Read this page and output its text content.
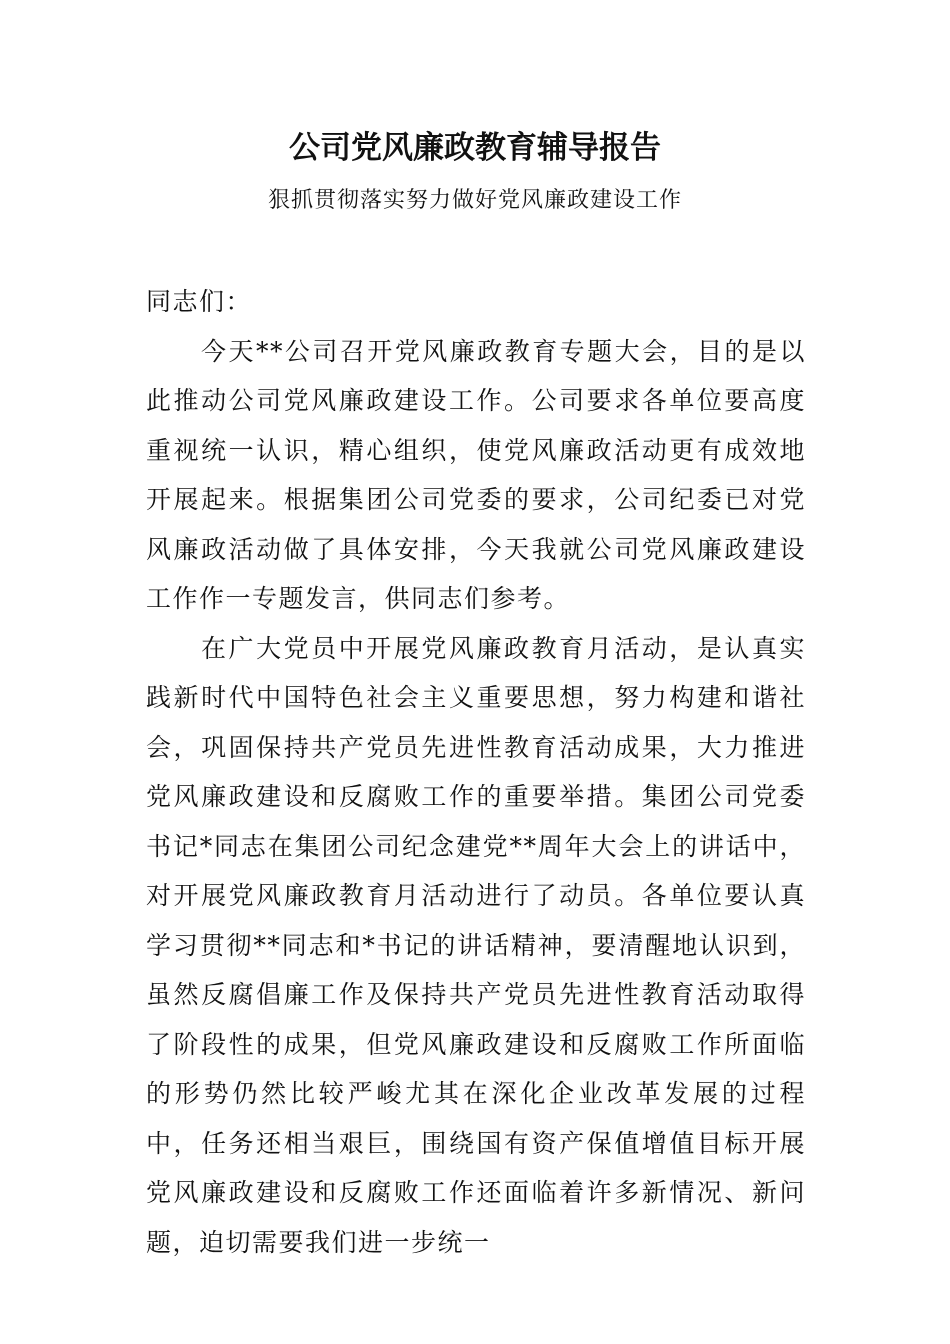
公司党风廉政教育辅导报告
狠抓贯彻落实努力做好党风廉政建设工作

同志们：

今天**公司召开党风廉政教育专题大会，目的是以此推动公司党风廉政建设工作。公司要求各单位要高度重视统一认识，精心组织，使党风廉政活动更有成效地开展起来。根据集团公司党委的要求，公司纪委已对党风廉政活动做了具体安排，今天我就公司党风廉政建设工作作一专题发言，供同志们参考。

在广大党员中开展党风廉政教育月活动，是认真实践新时代中国特色社会主义重要思想，努力构建和谐社会，巩固保持共产党员先进性教育活动成果，大力推进党风廉政建设和反腐败工作的重要举措。集团公司党委书记*同志在集团公司纪念建党**周年大会上的讲话中，对开展党风廉政教育月活动进行了动员。各单位要认真学习贯彻**同志和*书记的讲话精神，要清醒地认识到，虽然反腐倡廉工作及保持共产党员先进性教育活动取得了阶段性的成果，但党风廉政建设和反腐败工作所面临的形势仍然比较严峻尤其在深化企业改革发展的过程中，任务还相当艰巨，围绕国有资产保值增值目标开展党风廉政建设和反腐败工作还面临着许多新情况、新问题，迫切需要我们进一步统一
